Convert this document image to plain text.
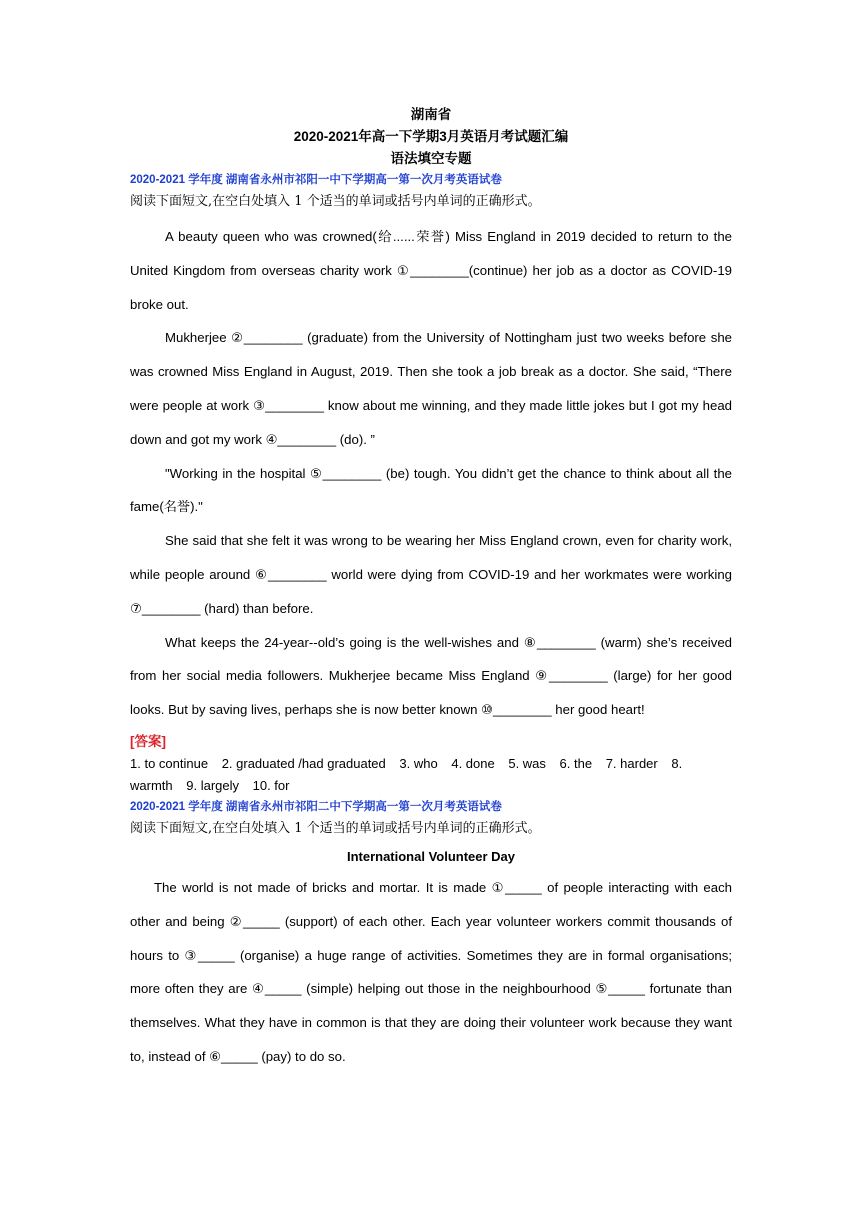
湖南省
2020-2021年高一下学期3月英语月考试题汇编
语法填空专题
2020-2021 学年度 湖南省永州市祁阳一中下学期高一第一次月考英语试卷
阅读下面短文,在空白处填入 1 个适当的单词或括号内单词的正确形式。

A beauty queen who was crowned(给......荣誉) Miss England in 2019 decided to return to the United Kingdom from overseas charity work ①________(continue) her job as a doctor as COVID-19 broke out.

Mukherjee ②________ (graduate) from the University of Nottingham just two weeks before she was crowned Miss England in August, 2019. Then she took a job break as a doctor. She said, “There were people at work ③________ know about me winning, and they made little jokes but I got my head down and got my work ④________ (do). ”

"Working in the hospital ⑤________ (be) tough. You didn’t get the chance to think about all the fame(名誉)."

She said that she felt it was wrong to be wearing her Miss England crown, even for charity work, while people around ⑥________ world were dying from COVID-19 and her workmates were working ⑦________ (hard) than before.

What keeps the 24-year--old’s going is the well-wishes and ⑧________ (warm) she’s received from her social media followers. Mukherjee became Miss England ⑨________ (large) for her good looks. But by saving lives, perhaps she is now better known ⑩________ her good heart!

[答案]
1. to continue 2. graduated /had graduated 3. who 4. done 5. was 6. the 7. harder 8. warmth 9. largely 10. for
2020-2021 学年度 湖南省永州市祁阳二中下学期高一第一次月考英语试卷
阅读下面短文,在空白处填入 1 个适当的单词或括号内单词的正确形式。
International Volunteer Day

The world is not made of bricks and mortar. It is made ①_____ of people interacting with each other and being ②_____ (support) of each other. Each year volunteer workers commit thousands of hours to ③_____ (organise) a huge range of activities. Sometimes they are in formal organisations; more often they are ④_____ (simple) helping out those in the neighbourhood ⑤_____ fortunate than themselves. What they have in common is that they are doing their volunteer work because they want to, instead of ⑥_____ (pay) to do so.
